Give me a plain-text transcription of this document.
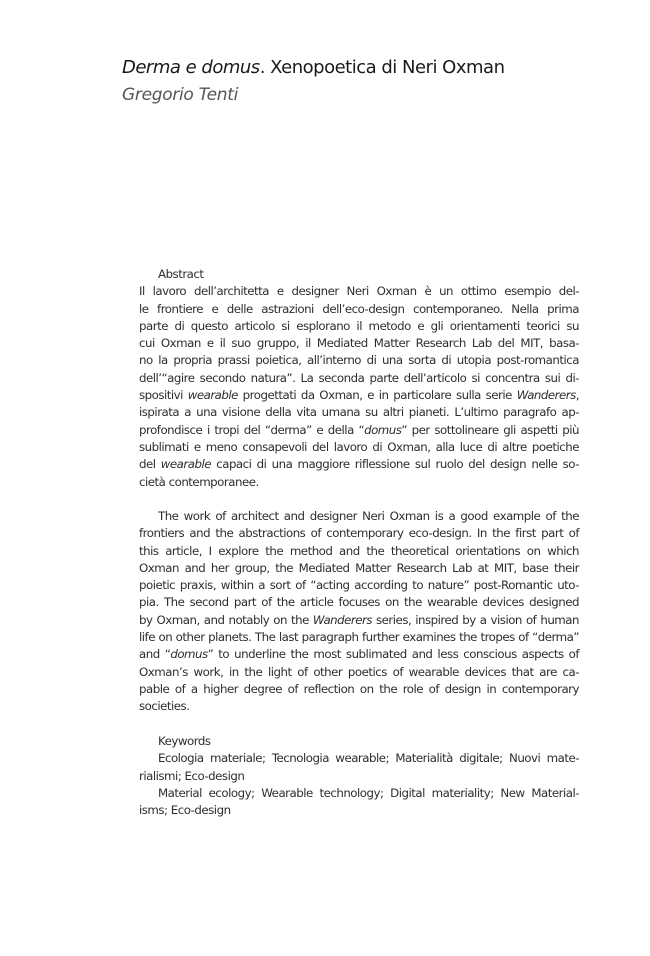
Derma e domus. Xenopoetica di Neri Oxman
Gregorio Tenti
Abstract
Il lavoro dell’architetta e designer Neri Oxman è un ottimo esempio del-
le frontiere e delle astrazioni dell’eco-design contemporaneo. Nella prima
parte di questo articolo si esplorano il metodo e gli orientamenti teorici su
cui Oxman e il suo gruppo, il Mediated Matter Research Lab del MIT, basa-
no la propria prassi poietica, all’interno di una sorta di utopia post-romantica
dell’“agire secondo natura”. La seconda parte dell’articolo si concentra sui di-
spositivi wearable progettati da Oxman, e in particolare sulla serie Wanderers,
ispirata a una visione della vita umana su altri pianeti. L’ultimo paragrafo ap-
profondisce i tropi del “derma” e della “domus” per sottolineare gli aspetti più
sublimati e meno consapevoli del lavoro di Oxman, alla luce di altre poetiche
del wearable capaci di una maggiore riflessione sul ruolo del design nelle so-
cietà contemporanee.
The work of architect and designer Neri Oxman is a good example of the
frontiers and the abstractions of contemporary eco-design. In the first part of
this article, I explore the method and the theoretical orientations on which
Oxman and her group, the Mediated Matter Research Lab at MIT, base their
poietic praxis, within a sort of “acting according to nature” post-Romantic uto-
pia. The second part of the article focuses on the wearable devices designed
by Oxman, and notably on the Wanderers series, inspired by a vision of human
life on other planets. The last paragraph further examines the tropes of “derma”
and “domus” to underline the most sublimated and less conscious aspects of
Oxman’s work, in the light of other poetics of wearable devices that are ca-
pable of a higher degree of reflection on the role of design in contemporary
societies.
Keywords
Ecologia materiale; Tecnologia wearable; Materialità digitale; Nuovi mate-
rialismi; Eco-design
Material ecology; Wearable technology; Digital materiality; New Material-
isms; Eco-design
